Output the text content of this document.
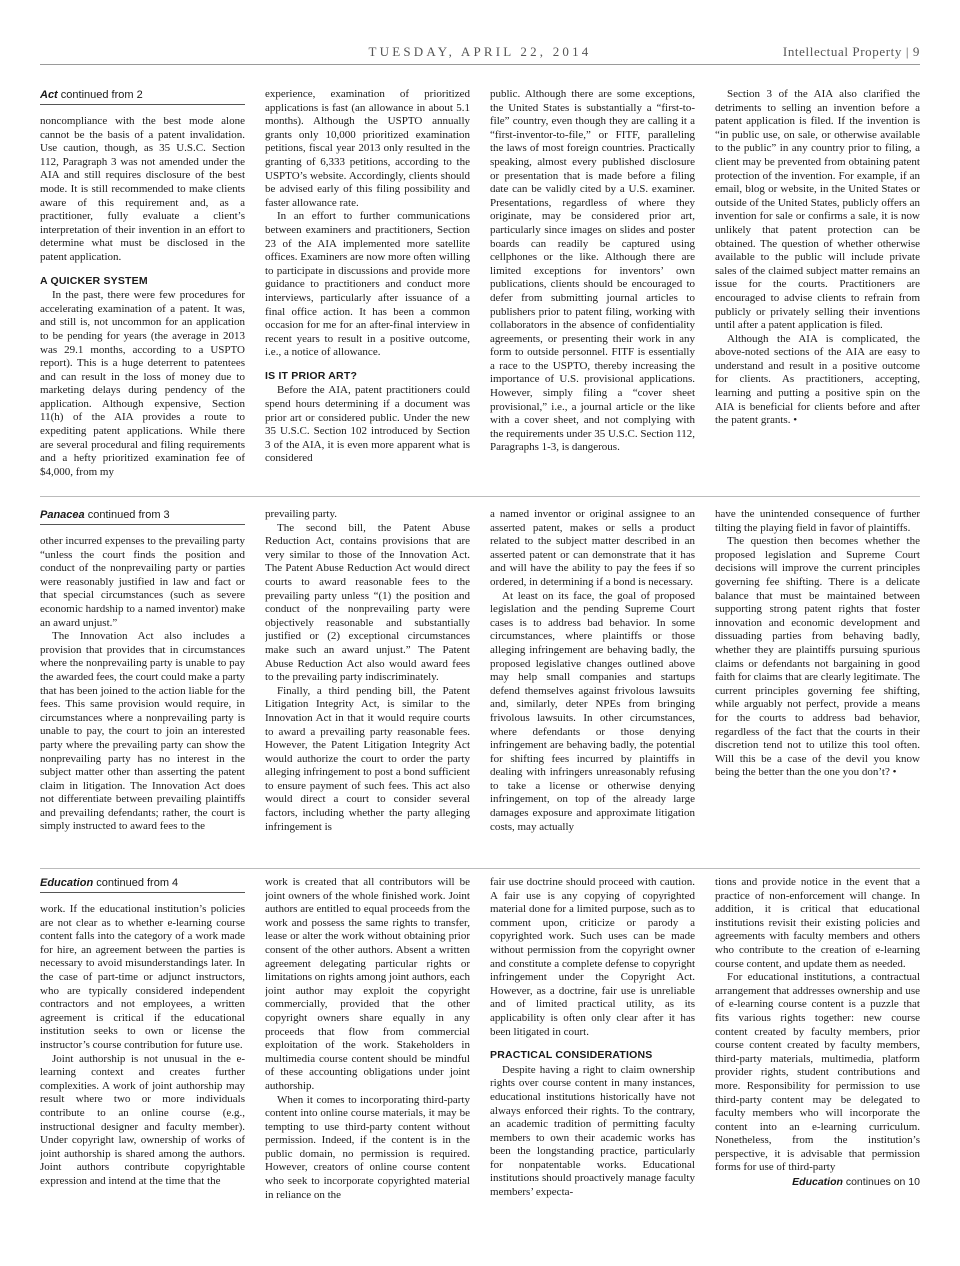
TUESDAY, APRIL 22, 2014	Intellectual Property | 9
Act continued from 2

noncompliance with the best mode alone cannot be the basis of a patent invalidation. Use caution, though, as 35 U.S.C. Section 112, Paragraph 3 was not amended under the AIA and still requires disclosure of the best mode. It is still recommended to make clients aware of this requirement and, as a practitioner, fully evaluate a client’s interpretation of their invention in an effort to determine what must be disclosed in the patent application.

A QUICKER SYSTEM

In the past, there were few procedures for accelerating examination of a patent. It was, and still is, not uncommon for an application to be pending for years (the average in 2013 was 29.1 months, according to a USPTO report). This is a huge deterrent to patentees and can result in the loss of money due to marketing delays during pendency of the application. Although expensive, Section 11(h) of the AIA provides a route to expediting patent applications. While there are several procedural and filing requirements and a hefty prioritized examination fee of $4,000, from my

experience, examination of prioritized applications is fast (an allowance in about 5.1 months). Although the USPTO annually grants only 10,000 prioritized examination petitions, fiscal year 2013 only resulted in the granting of 6,333 petitions, according to the USPTO’s website. Accordingly, clients should be advised early of this filing possibility and faster allowance rate.

In an effort to further communications between examiners and practitioners, Section 23 of the AIA implemented more satellite offices. Examiners are now more often willing to participate in discussions and provide more guidance to practitioners and conduct more interviews, particularly after issuance of a final office action. It has been a common occasion for me for an after-final interview in recent years to result in a positive outcome, i.e., a notice of allowance.

IS IT PRIOR ART?

Before the AIA, patent practitioners could spend hours determining if a document was prior art or considered public. Under the new 35 U.S.C. Section 102 introduced by Section 3 of the AIA, it is even more apparent what is considered

public. Although there are some exceptions, the United States is substantially a “first-to-file” country, even though they are calling it a “first-inventor-to-file,” or FITF, paralleling the laws of most foreign countries. Practically speaking, almost every published disclosure or presentation that is made before a filing date can be validly cited by a U.S. examiner. Presentations, regardless of where they originate, may be considered prior art, particularly since images on slides and poster boards can readily be captured using cellphones or the like. Although there are limited exceptions for inventors’ own publications, clients should be encouraged to defer from submitting journal articles to publishers prior to patent filing, working with collaborators in the absence of confidentiality agreements, or presenting their work in any form to outside personnel. FITF is essentially a race to the USPTO, thereby increasing the importance of U.S. provisional applications. However, simply filing a “cover sheet provisional,” i.e., a journal article or the like with a cover sheet, and not complying with the requirements under 35 U.S.C. Section 112, Paragraphs 1-3, is dangerous.

Section 3 of the AIA also clarified the detriments to selling an invention before a patent application is filed. If the invention is “in public use, on sale, or otherwise available to the public” in any country prior to filing, a client may be prevented from obtaining patent protection of the invention. For example, if an email, blog or website, in the United States or outside of the United States, publicly offers an invention for sale or confirms a sale, it is now unlikely that patent protection can be obtained. The question of whether otherwise available to the public will include private sales of the claimed subject matter remains an issue for the courts. Practitioners are encouraged to advise clients to refrain from publicly or privately selling their inventions until after a patent application is filed.

Although the AIA is complicated, the above-noted sections of the AIA are easy to understand and result in a positive outcome for clients. As practitioners, accepting, learning and putting a positive spin on the AIA is beneficial for clients before and after the patent grants. •

Panacea continued from 3

other incurred expenses to the prevailing party “unless the court finds the position and conduct of the nonprevailing party or parties were reasonably justified in law and fact or that special circumstances (such as severe economic hardship to a named inventor) make an award unjust.”

The Innovation Act also includes a provision that provides that in circumstances where the nonprevailing party is unable to pay the awarded fees, the court could make a party that has been joined to the action liable for the fees. This same provision would require, in circumstances where a nonprevailing party is unable to pay, the court to join an interested party where the prevailing party can show the nonprevailing party has no interest in the subject matter other than asserting the patent claim in litigation. The Innovation Act does not differentiate between prevailing plaintiffs and prevailing defendants; rather, the court is simply instructed to award fees to the

prevailing party.

The second bill, the Patent Abuse Reduction Act, contains provisions that are very similar to those of the Innovation Act. The Patent Abuse Reduction Act would direct courts to award reasonable fees to the prevailing party unless “(1) the position and conduct of the nonprevailing party were objectively reasonable and substantially justified or (2) exceptional circumstances make such an award unjust.” The Patent Abuse Reduction Act also would award fees to the prevailing party indiscriminately.

Finally, a third pending bill, the Patent Litigation Integrity Act, is similar to the Innovation Act in that it would require courts to award a prevailing party reasonable fees. However, the Patent Litigation Integrity Act would authorize the court to order the party alleging infringement to post a bond sufficient to ensure payment of such fees. This act also would direct a court to consider several factors, including whether the party alleging infringement is

a named inventor or original assignee to an asserted patent, makes or sells a product related to the subject matter described in an asserted patent or can demonstrate that it has and will have the ability to pay the fees if so ordered, in determining if a bond is necessary.

At least on its face, the goal of proposed legislation and the pending Supreme Court cases is to address bad behavior. In some circumstances, where plaintiffs or those alleging infringement are behaving badly, the proposed legislative changes outlined above may help small companies and startups defend themselves against frivolous lawsuits and, similarly, deter NPEs from bringing frivolous lawsuits. In other circumstances, where defendants or those denying infringement are behaving badly, the potential for shifting fees incurred by plaintiffs in dealing with infringers unreasonably refusing to take a license or otherwise denying infringement, on top of the already large damages exposure and approximate litigation costs, may actually

have the unintended consequence of further tilting the playing field in favor of plaintiffs.

The question then becomes whether the proposed legislation and Supreme Court decisions will improve the current principles governing fee shifting. There is a delicate balance that must be maintained between supporting strong patent rights that foster innovation and economic development and dissuading parties from behaving badly, whether they are plaintiffs pursuing spurious claims or defendants not bargaining in good faith for claims that are clearly legitimate. The current principles governing fee shifting, while arguably not perfect, provide a means for the courts to address bad behavior, regardless of the fact that the courts in their discretion tend not to utilize this tool often. Will this be a case of the devil you know being the better than the one you don’t? •

Education continued from 4

work. If the educational institution’s policies are not clear as to whether e-learning course content falls into the category of a work made for hire, an agreement between the parties is necessary to avoid misunderstandings later. In the case of part-time or adjunct instructors, who are typically considered independent contractors and not employees, a written agreement is critical if the educational institution seeks to own or license the instructor’s course contribution for future use.

Joint authorship is not unusual in the e-learning context and creates further complexities. A work of joint authorship may result where two or more individuals contribute to an online course (e.g., instructional designer and faculty member). Under copyright law, ownership of works of joint authorship is shared among the authors. Joint authors contribute copyrightable expression and intend at the time that the

work is created that all contributors will be joint owners of the whole finished work. Joint authors are entitled to equal proceeds from the work and possess the same rights to transfer, lease or alter the work without obtaining prior consent of the other authors. Absent a written agreement delegating particular rights or limitations on rights among joint authors, each joint author may exploit the copyright commercially, provided that the other copyright owners share equally in any proceeds that flow from commercial exploitation of the work. Stakeholders in multimedia course content should be mindful of these accounting obligations under joint authorship.

When it comes to incorporating third-party content into online course materials, it may be tempting to use third-party content without permission. Indeed, if the content is in the public domain, no permission is required. However, creators of online course content who seek to incorporate copyrighted material in reliance on the

fair use doctrine should proceed with caution. A fair use is any copying of copyrighted material done for a limited purpose, such as to comment upon, criticize or parody a copyrighted work. Such uses can be made without permission from the copyright owner and constitute a complete defense to copyright infringement under the Copyright Act. However, as a doctrine, fair use is unreliable and of limited practical utility, as its applicability is often only clear after it has been litigated in court.

PRACTICAL CONSIDERATIONS

Despite having a right to claim ownership rights over course content in many instances, educational institutions historically have not always enforced their rights. To the contrary, an academic tradition of permitting faculty members to own their academic works has been the longstanding practice, particularly for nonpatentable works. Educational institutions should proactively manage faculty members’ expecta-

tions and provide notice in the event that a practice of non-enforcement will change. In addition, it is critical that educational institutions revisit their existing policies and agreements with faculty members and others who contribute to the creation of e-learning course content, and update them as needed.

For educational institutions, a contractual arrangement that addresses ownership and use of e-learning course content is a puzzle that fits various rights together: new course content created by faculty members, prior course content created by faculty members, third-party materials, multimedia, platform provider rights, student contributions and more. Responsibility for permission to use third-party content may be delegated to faculty members who will incorporate the content into an e-learning curriculum. Nonetheless, from the institution’s perspective, it is advisable that permission forms for use of third-party

Education continues on 10
